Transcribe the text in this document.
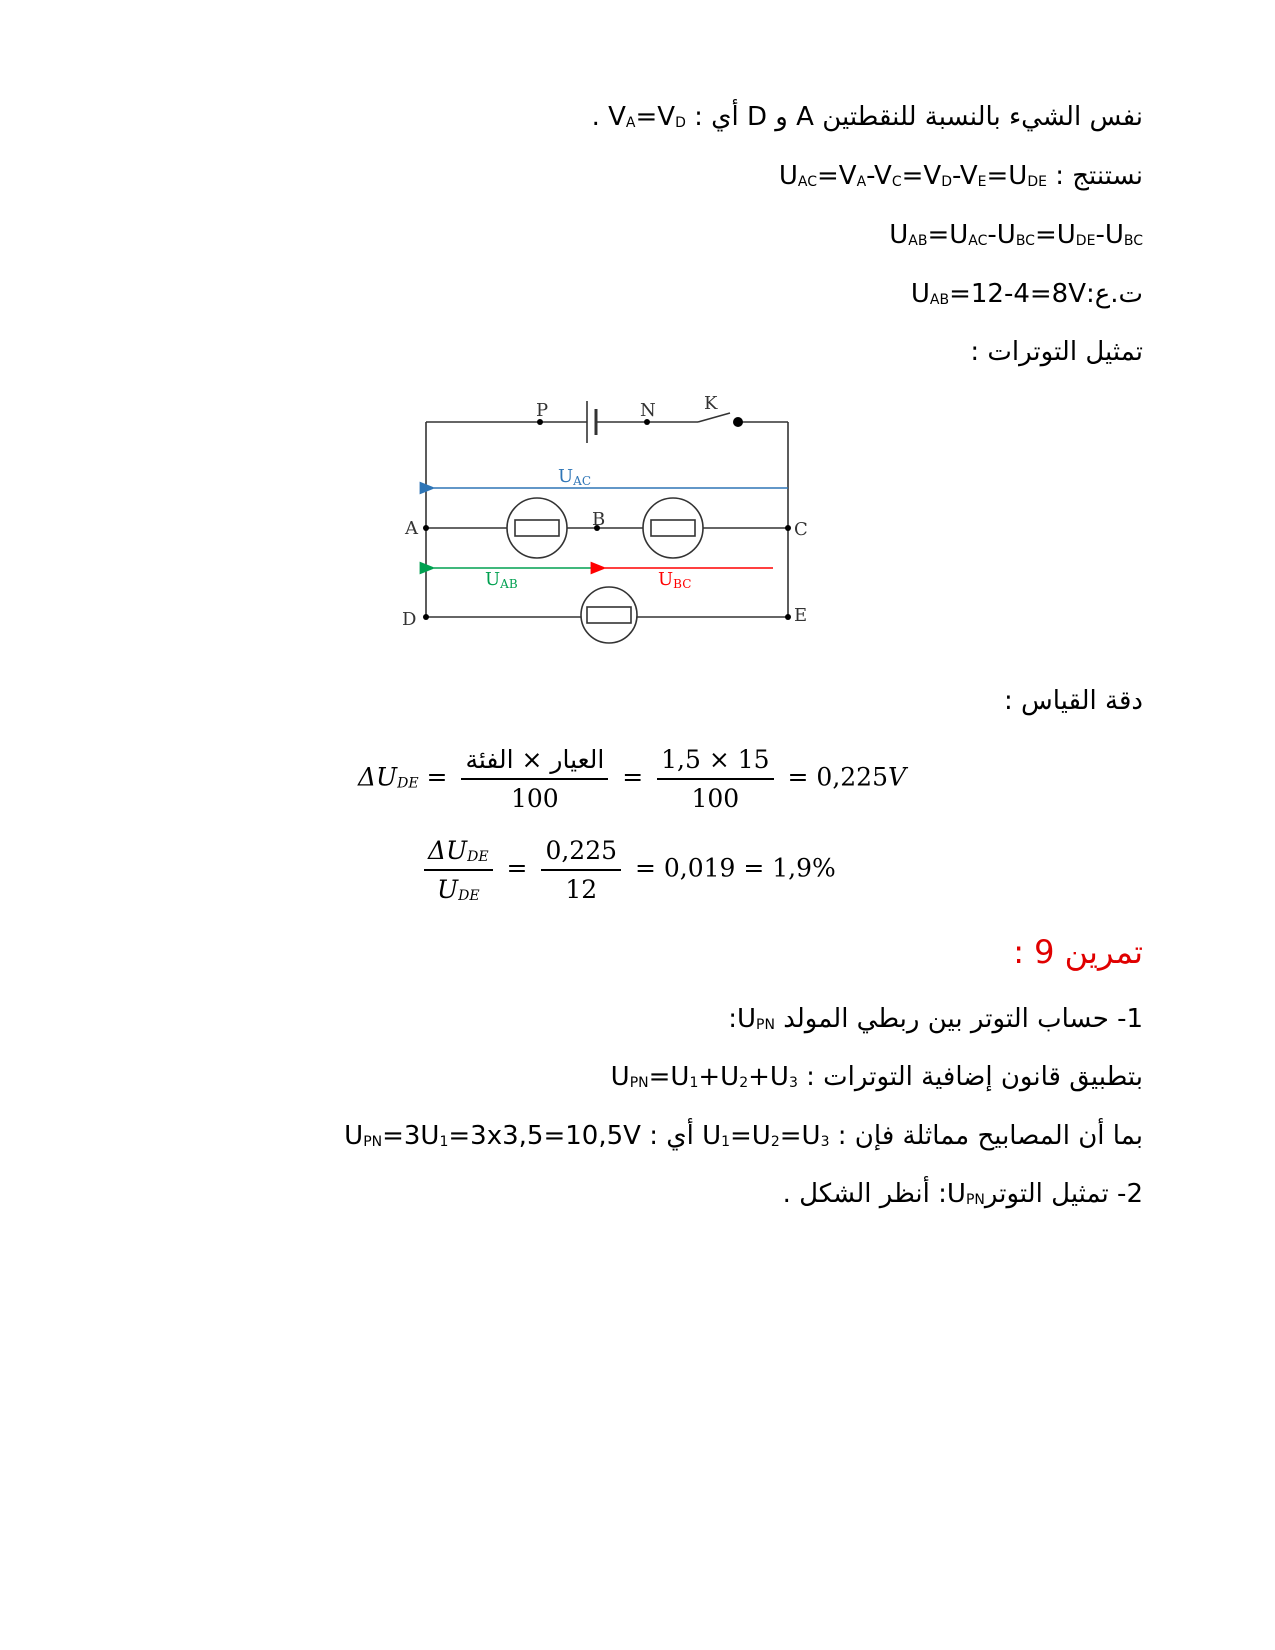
نفس الشيء بالنسبة للنقطتين A و D أي : $V_A=V_D$ .
نستنتج : $U_{AC}=V_A-V_C=V_D-V_E=U_{DE}$
$U_{AB}=U_{AC}-U_{BC}=U_{DE}-U_{BC}$
$ت.ع:U_{AB}=12-4=8V$
تمثيل التوترات :
P	N	K
A	B	C
D	E
UAC
UAB	UBC
دقة القياس :
$\Delta U_{DE} = \frac{\text{العيار × الفئة}}{100} = \frac{1,5 \times 15}{100} = 0,225V$
$\frac{\Delta U_{DE}}{U_{DE}} = \frac{0,225}{12} = 0,019 = 1,9\%$
تمرين 9 :
1- حساب التوتر بين ربطي المولد $U_{PN}$:
بتطبيق قانون إضافية التوترات : $U_{PN}=U_1+U_2+U_3$
بما أن المصابيح مماثلة فإن : $U_1=U_2=U_3$ أي : $U_{PN}=3U_1=3x3,5=10,5V$
2- تمثيل التوترU$_{PN}$: أنظر الشكل .
